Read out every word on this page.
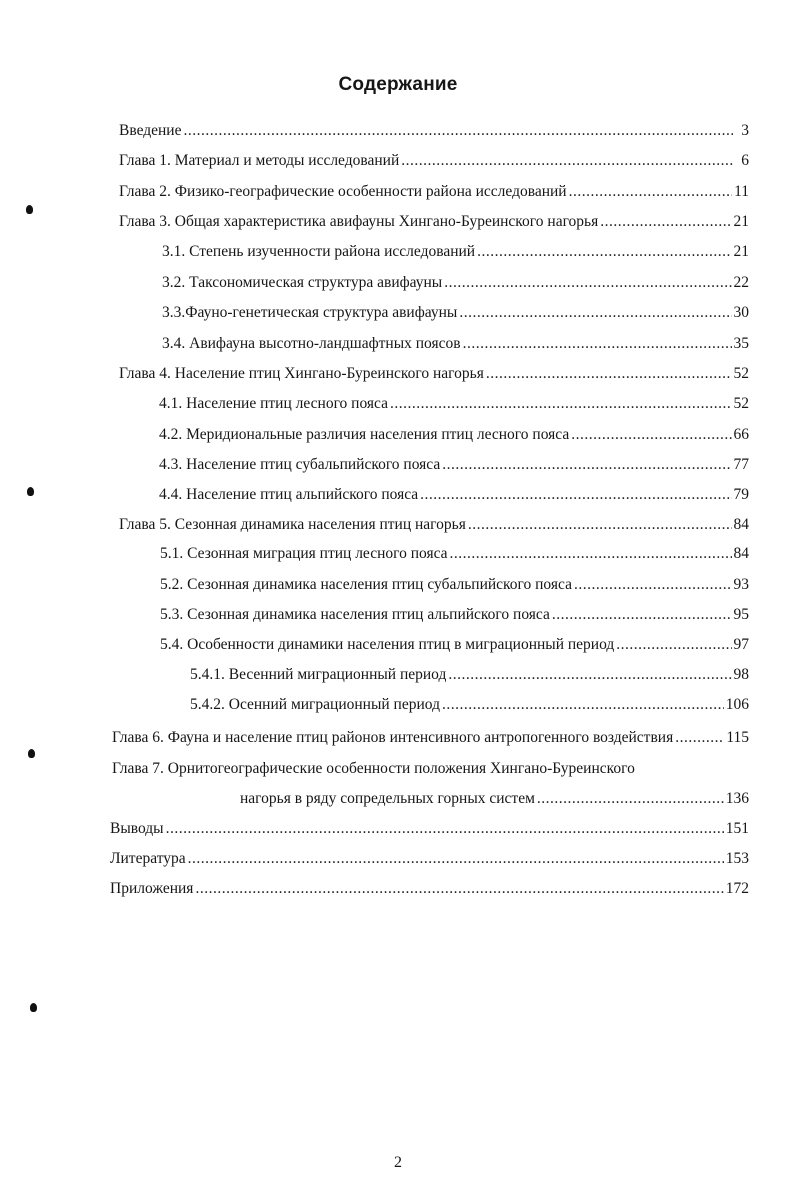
Содержание
Введение .....	3
Глава 1. Материал и методы исследований .....	6
Глава 2. Физико-географические особенности района исследований .....	11
Глава 3. Общая характеристика авифауны Хингано-Буреинского нагорья .....	21
3.1. Степень изученности района исследований .....	21
3.2. Таксономическая структура авифауны .....	22
3.3.Фауно-генетическая структура авифауны .....	30
3.4. Авифауна высотно-ландшафтных поясов .....	35
Глава 4. Население птиц Хингано-Буреинского нагорья .....	52
4.1. Население птиц лесного пояса .....	52
4.2. Меридиональные различия населения птиц лесного пояса .....	66
4.3. Население птиц субальпийского пояса .....	77
4.4. Население птиц альпийского пояса .....	79
Глава 5. Сезонная динамика населения птиц нагорья .....	84
5.1. Сезонная миграция птиц лесного пояса .....	84
5.2. Сезонная динамика населения птиц субальпийского пояса .....	93
5.3. Сезонная динамика населения птиц альпийского пояса .....	95
5.4. Особенности динамики населения птиц в миграционный период .....	97
5.4.1. Весенний миграционный период .....	98
5.4.2. Осенний миграционный период .....	106
Глава 6. Фауна и население птиц районов интенсивного антропогенного воздействия .....	115
Глава 7. Орнитогеографические особенности положения Хингано-Буреинского
нагорья в ряду сопредельных горных систем .....	136
Выводы .....	151
Литература .....	153
Приложения .....	172
2
